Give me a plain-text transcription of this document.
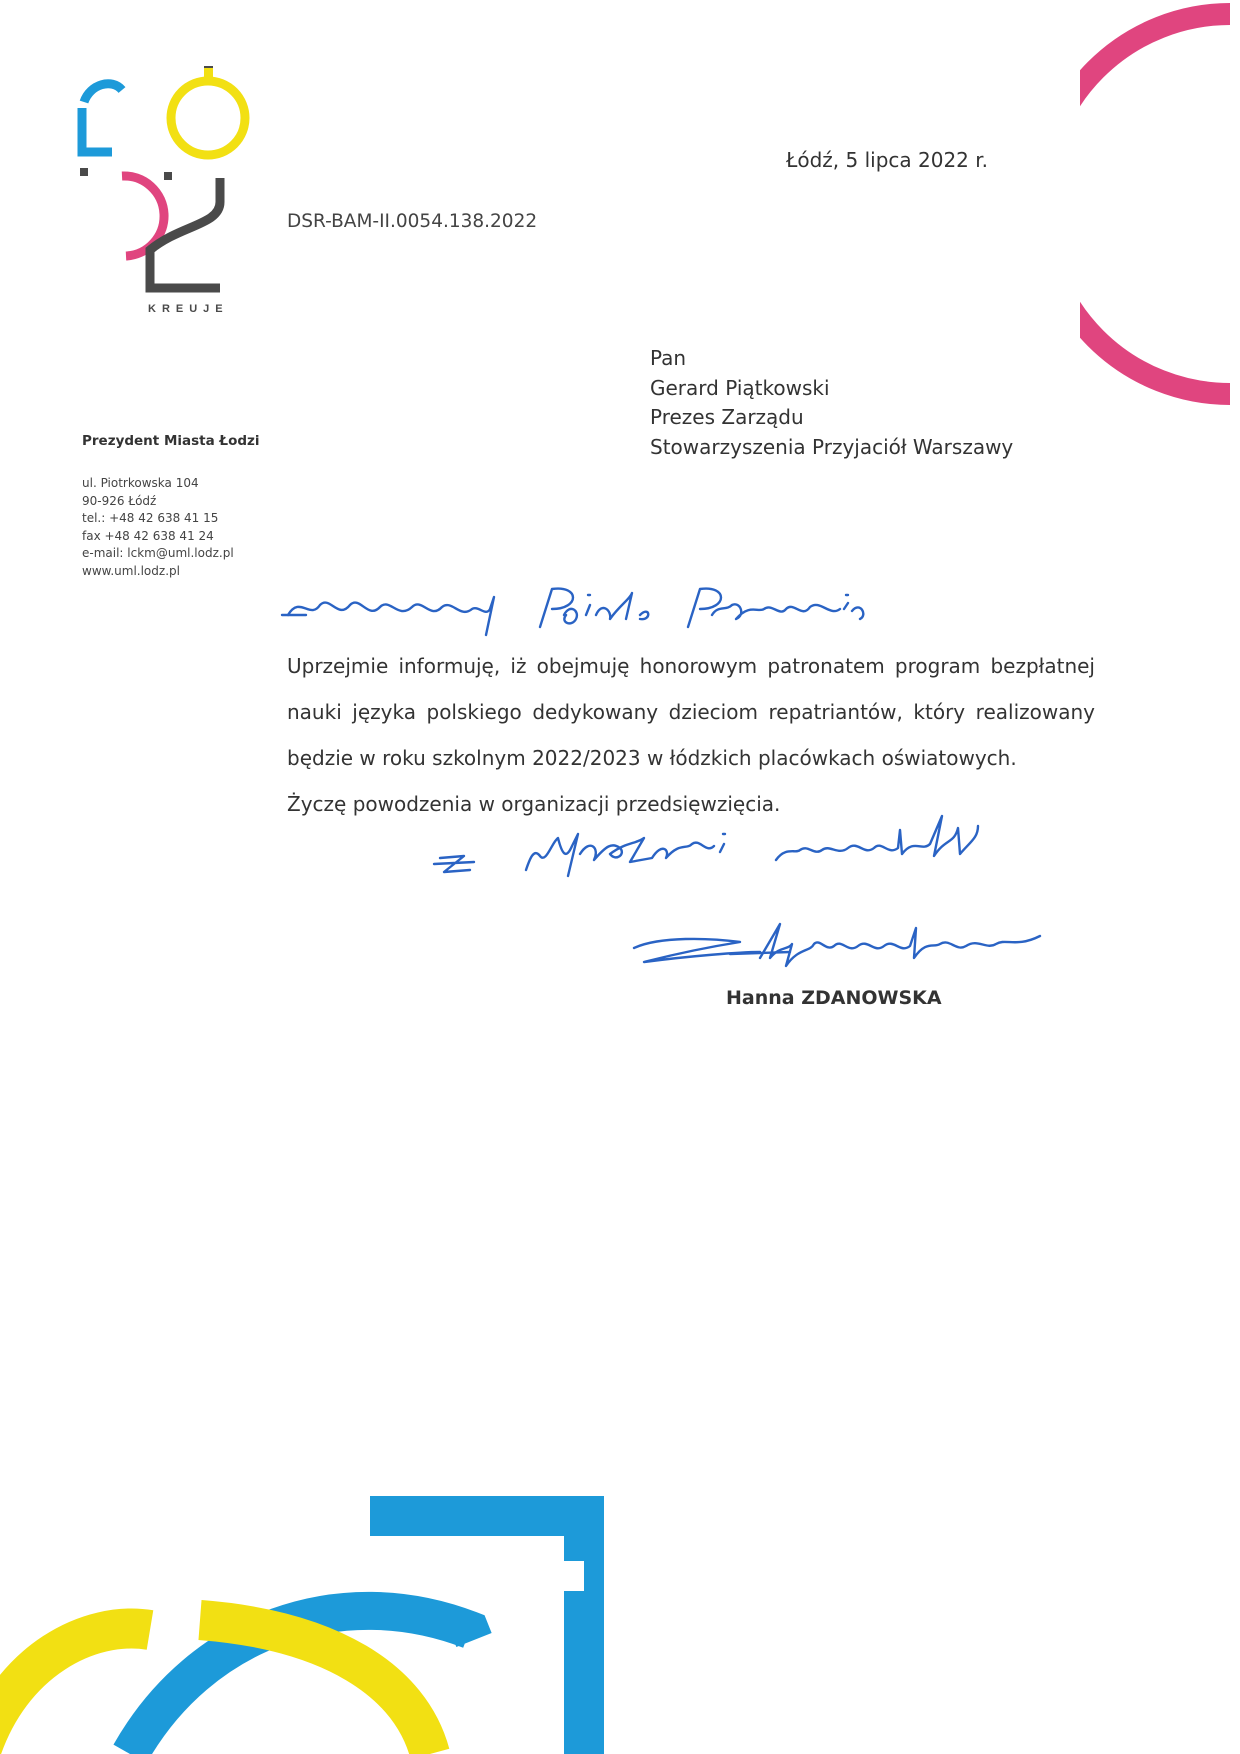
KREUJE
Prezydent Miasta Łodzi
ul. Piotrkowska 104
90-926 Łódź
tel.: +48 42 638 41 15
fax +48 42 638 41 24
e-mail: lckm@uml.lodz.pl
www.uml.lodz.pl
Łódź, 5 lipca 2022 r.
DSR-BAM-II.0054.138.2022
Pan
Gerard Piątkowski
Prezes Zarządu
Stowarzyszenia Przyjaciół Warszawy

Uprzejmie informuję, iż obejmuję honorowym patronatem program bezpłatnej nauki języka polskiego dedykowany dzieciom repatriantów, który realizowany będzie w roku szkolnym 2022/2023 w łódzkich placówkach oświatowych.

Życzę powodzenia w organizacji przedsięwzięcia.

Hanna ZDANOWSKA
